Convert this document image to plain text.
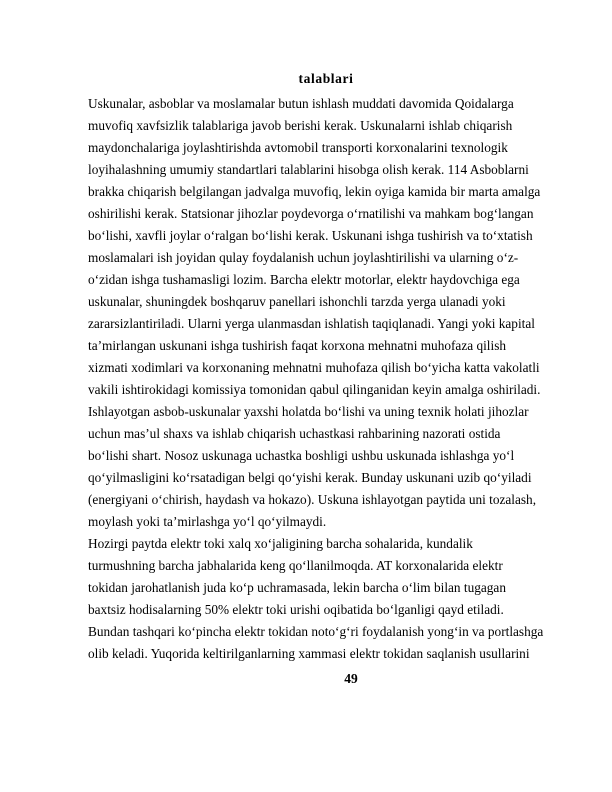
talablari
Uskunalar, asboblar va moslamalar butun ishlash muddati davomida Qoidalarga
muvofiq xavfsizlik talablariga javob berishi kerak. Uskunalarni ishlab chiqarish
maydonchalariga joylashtirishda avtomobil transporti korxonalarini texnologik
loyihalashning umumiy standartlari talablarini hisobga olish kerak. 114 Asboblarni
brakka chiqarish belgilangan jadvalga muvofiq, lekin oyiga kamida bir marta amalga
oshirilishi kerak. Statsionar jihozlar poydevorga o‘rnatilishi va mahkam bog‘langan
bo‘lishi, xavfli joylar o‘ralgan bo‘lishi kerak. Uskunani ishga tushirish va to‘xtatish
moslamalari ish joyidan qulay foydalanish uchun joylashtirilishi va ularning o‘z-
o‘zidan ishga tushamasligi lozim. Barcha elektr motorlar, elektr haydovchiga ega
uskunalar, shuningdek boshqaruv panellari ishonchli tarzda yerga ulanadi yoki
zararsizlantiriladi. Ularni yerga ulanmasdan ishlatish taqiqlanadi. Yangi yoki kapital
ta’mirlangan uskunani ishga tushirish faqat korxona mehnatni muhofaza qilish
xizmati xodimlari va korxonaning mehnatni muhofaza qilish bo‘yicha katta vakolatli
vakili ishtirokidagi komissiya tomonidan qabul qilinganidan keyin amalga oshiriladi.
Ishlayotgan asbob-uskunalar yaxshi holatda bo‘lishi va uning texnik holati jihozlar
uchun mas’ul shaxs va ishlab chiqarish uchastkasi rahbarining nazorati ostida
bo‘lishi shart. Nosoz uskunaga uchastka boshligi ushbu uskunada ishlashga yo‘l
qo‘yilmasligini ko‘rsatadigan belgi qo‘yishi kerak. Bunday uskunani uzib qo‘yiladi
(energiyani o‘chirish, haydash va hokazo). Uskuna ishlayotgan paytida uni tozalash,
moylash yoki ta’mirlashga yo‘l qo‘yilmaydi.
Hozirgi paytda elektr toki xalq xo‘jaligining barcha sohalarida, kundalik
turmushning barcha jabhalarida keng qo‘llanilmoqda. AT korxonalarida elektr
tokidan jarohatlanish juda ko‘p uchramasada, lekin barcha o‘lim bilan tugagan
baxtsiz hodisalarning 50% elektr toki urishi oqibatida bo‘lganligi qayd etiladi.
Bundan tashqari ko‘pincha elektr tokidan noto‘g‘ri foydalanish yong‘in va portlashga
olib keladi. Yuqorida keltirilganlarning xammasi elektr tokidan saqlanish usullarini
49
